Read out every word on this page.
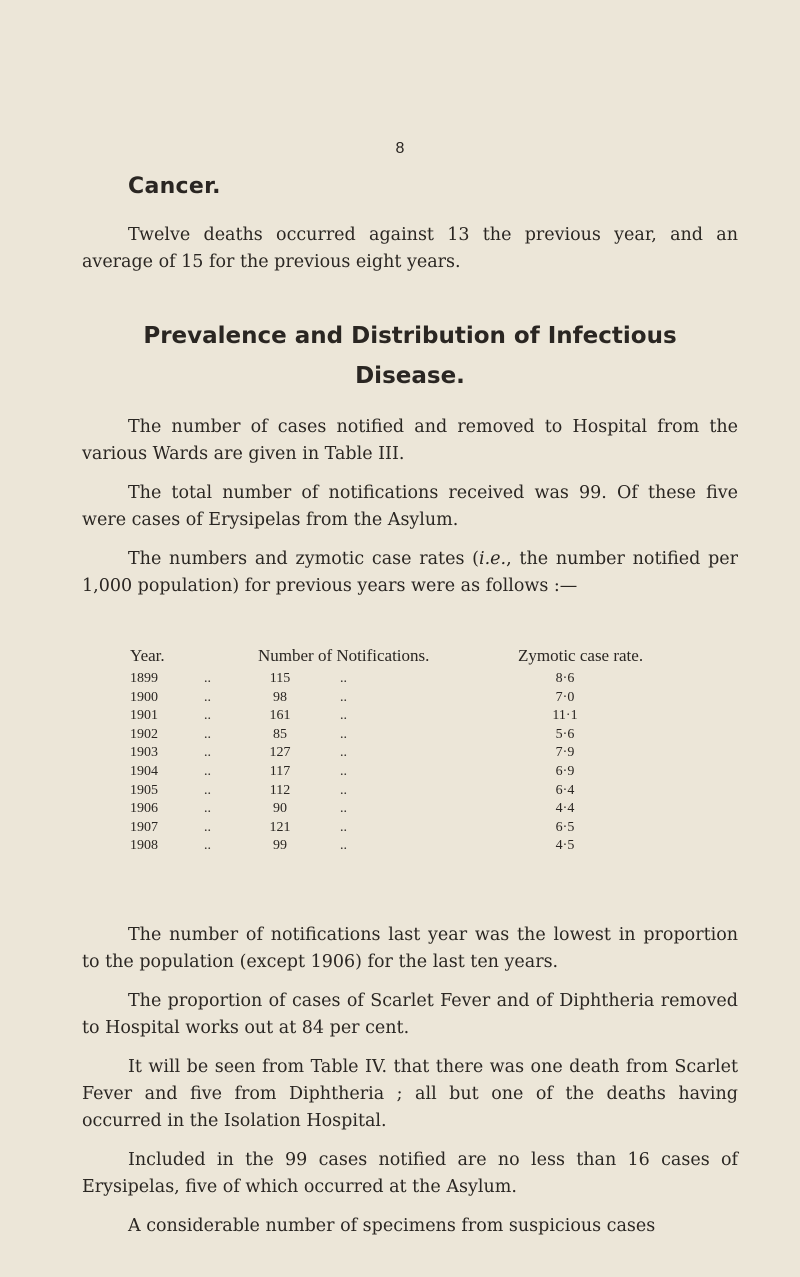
8
Cancer.
Twelve deaths occurred against 13 the previous year, and an average of 15 for the previous eight years.
Prevalence and Distribution of Infectious
Disease.
The number of cases notified and removed to Hospital from the various Wards are given in Table III.
The total number of notifications received was 99. Of these five were cases of Erysipelas from the Asylum.
The numbers and zymotic case rates (i.e., the number notified per 1,000 population) for previous years were as follows :—
Year.	Number of Notifications.	Zymotic case rate.
1899	..	115	..	8·6
1900	..	98	..	7·0
1901	..	161	..	11·1
1902	..	85	..	5·6
1903	..	127	..	7·9
1904	..	117	..	6·9
1905	..	112	..	6·4
1906	..	90	..	4·4
1907	..	121	..	6·5
1908	..	99	..	4·5
The number of notifications last year was the lowest in proportion to the population (except 1906) for the last ten years.
The proportion of cases of Scarlet Fever and of Diphtheria removed to Hospital works out at 84 per cent.
It will be seen from Table IV. that there was one death from Scarlet Fever and five from Diphtheria ; all but one of the deaths having occurred in the Isolation Hospital.
Included in the 99 cases notified are no less than 16 cases of Erysipelas, five of which occurred at the Asylum.
A considerable number of specimens from suspicious cases
